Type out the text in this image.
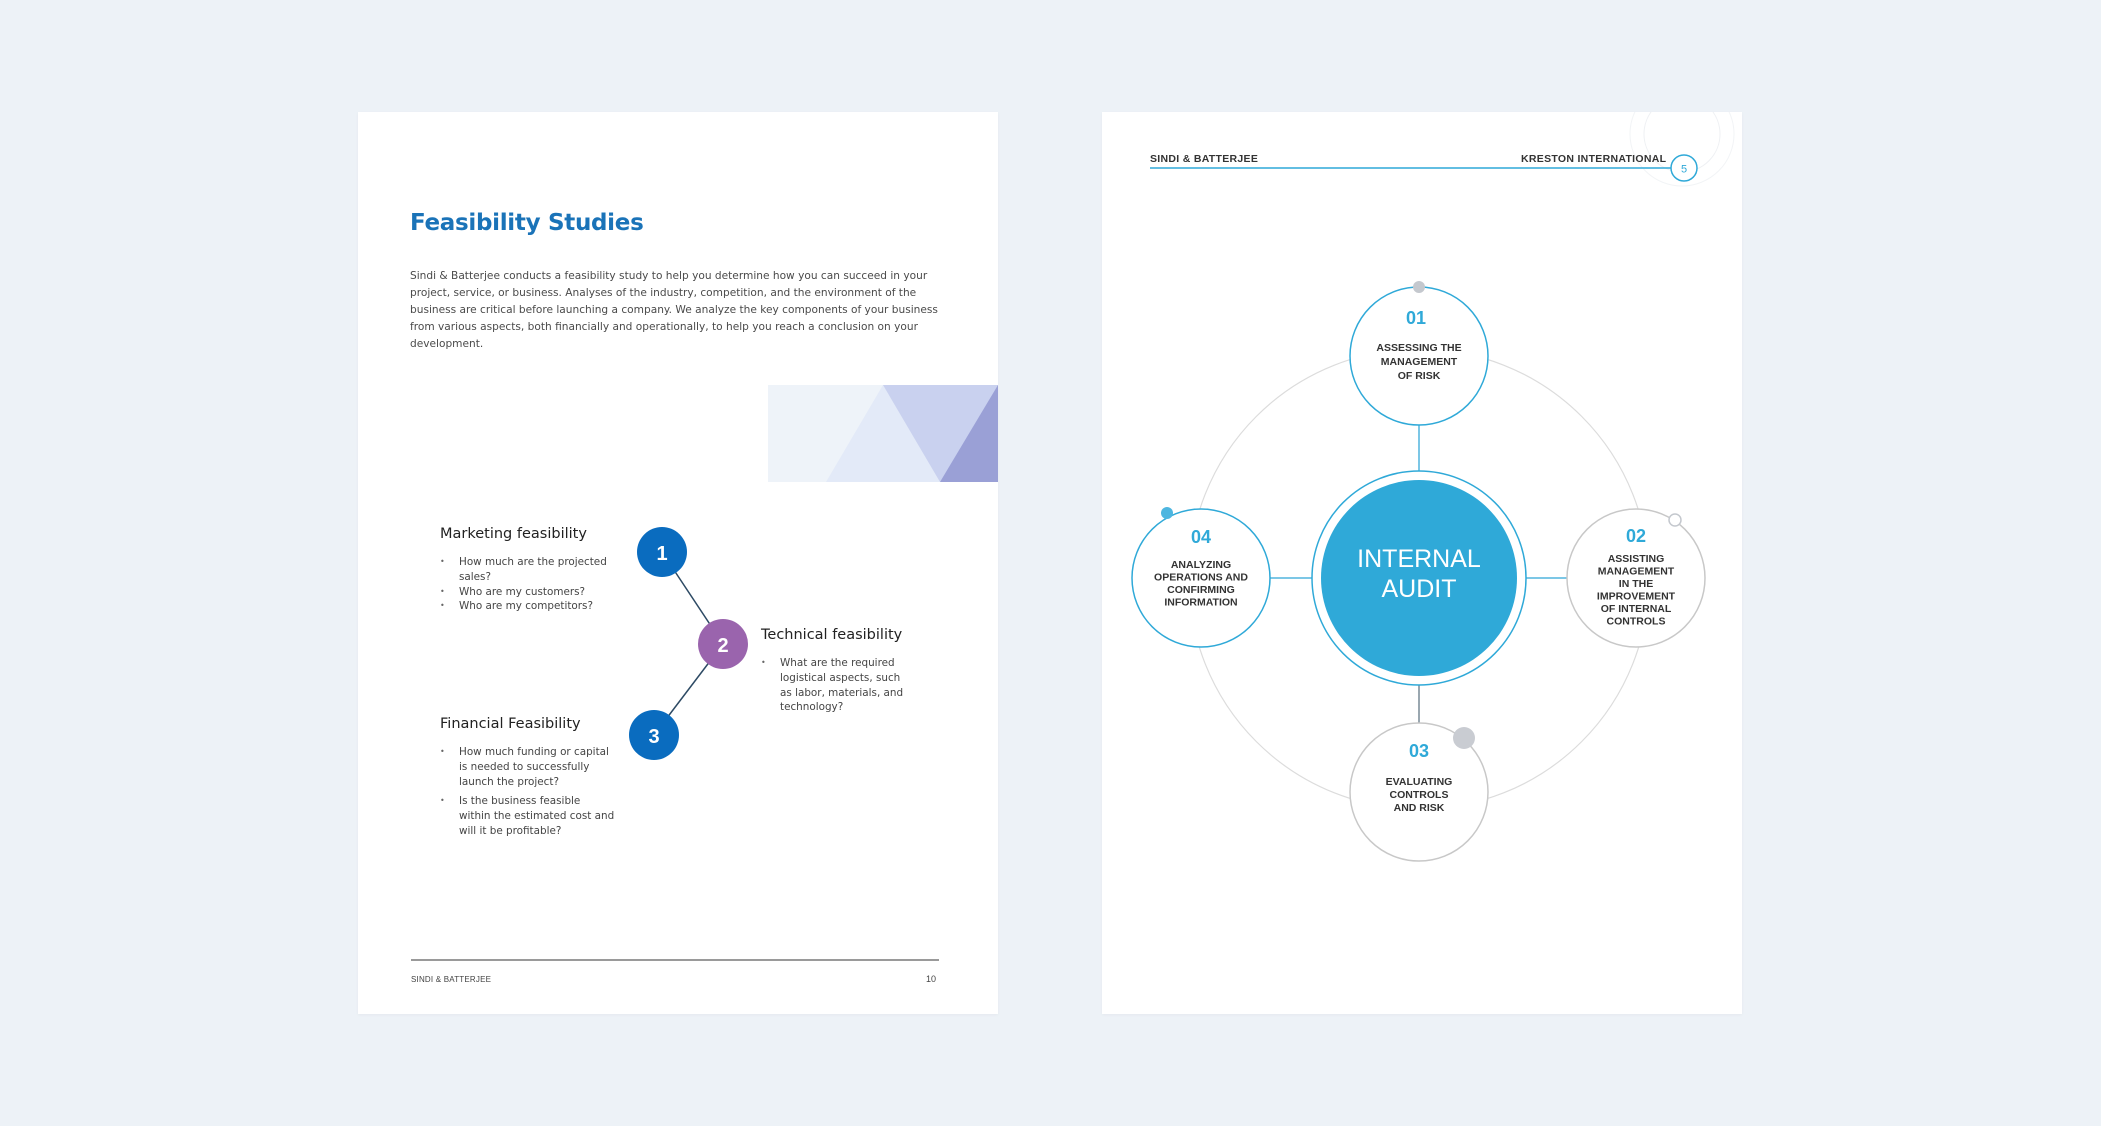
Feasibility Studies
Sindi & Batterjee conducts a feasibility study to help you determine how you can succeed in your project, service, or business. Analyses of the industry, competition, and the environment of the business are critical before launching a company. We analyze the key components of your business from various aspects, both financially and operationally, to help you reach a conclusion on your development.
1
2
3
Marketing feasibility
• How much are the projected sales?
• Who are my customers?
• Who are my competitors?
Technical feasibility
• What are the required logistical aspects, such as labor, materials, and technology?
Financial Feasibility
• How much funding or capital is needed to successfully launch the project?
• Is the business feasible within the estimated cost and will it be profitable?
SINDI & BATTERJEE	10
5
INTERNAL
AUDIT
01
ASSESSING THE
MANAGEMENT
OF RISK
02
ASSISTING
MANAGEMENT
IN THE
IMPROVEMENT
OF INTERNAL
CONTROLS
03
EVALUATING
CONTROLS
AND RISK
04
ANALYZING
OPERATIONS AND
CONFIRMING
INFORMATION
SINDI & BATTERJEE	KRESTON INTERNATIONAL
